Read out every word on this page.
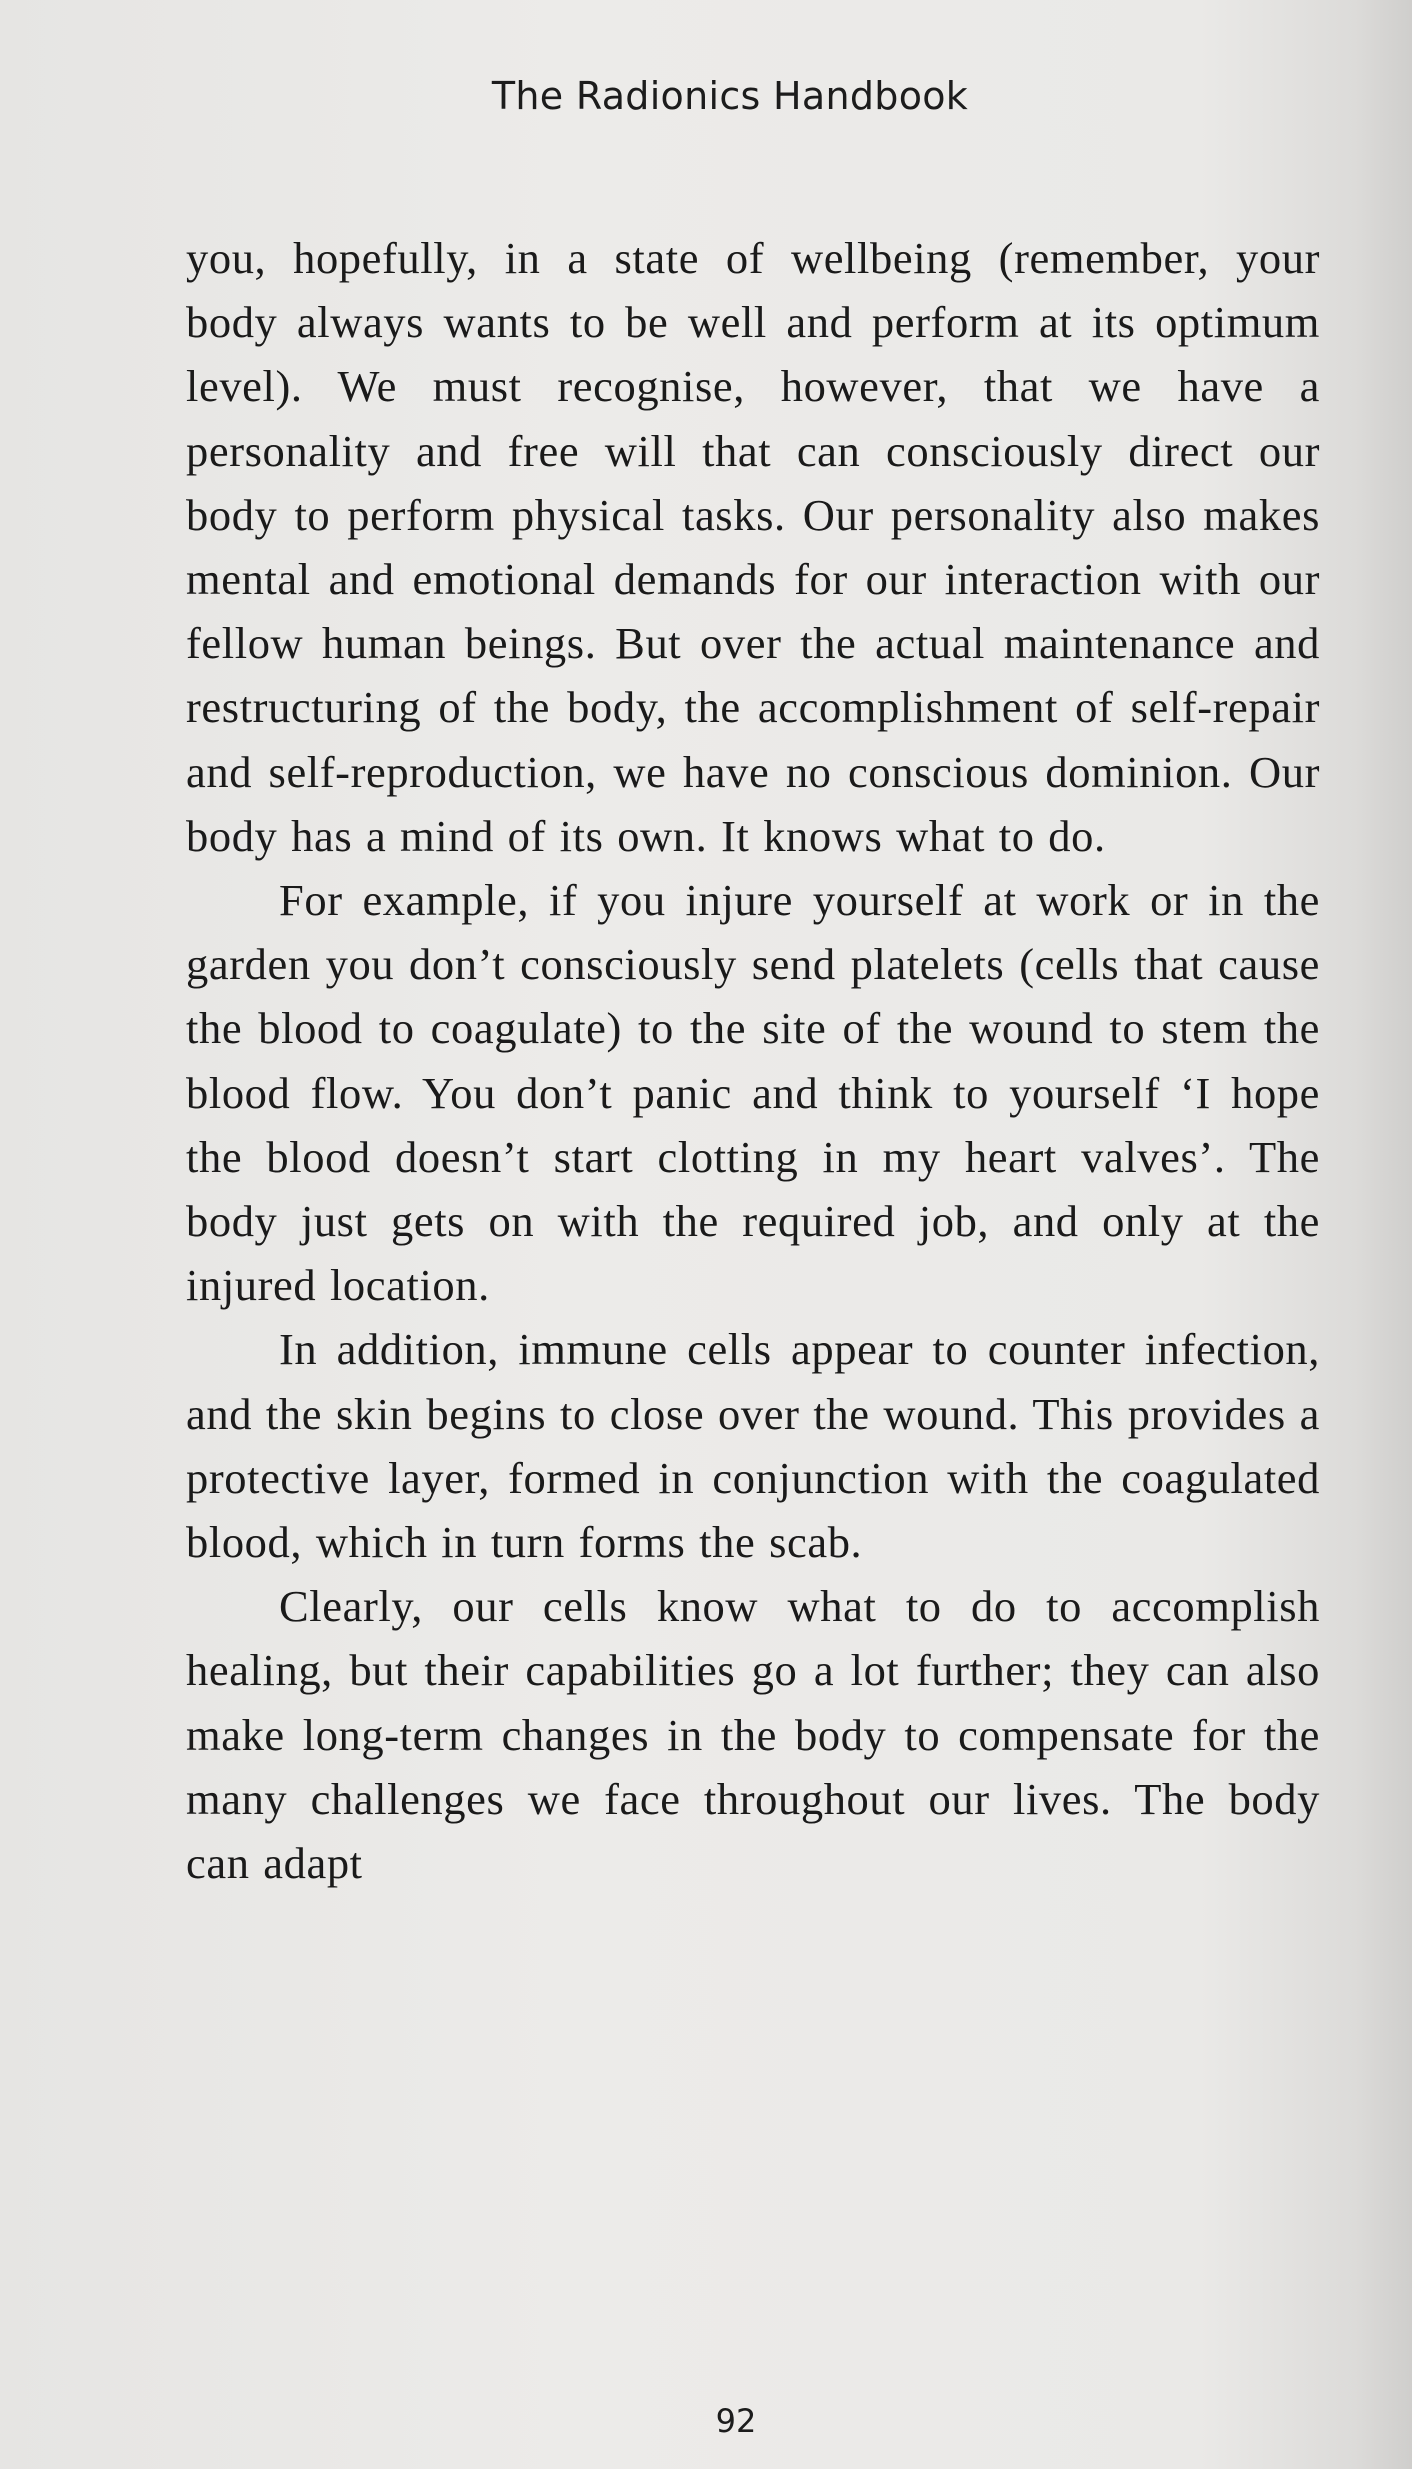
The Radionics Handbook

you, hopefully, in a state of wellbeing (remember, your body always wants to be well and perform at its optimum level). We must recognise, however, that we have a personality and free will that can consciously direct our body to perform physical tasks. Our personality also makes mental and emotional demands for our interaction with our fellow human beings. But over the actual maintenance and restructuring of the body, the accomplishment of self-repair and self-reproduction, we have no conscious dominion. Our body has a mind of its own. It knows what to do.

For example, if you injure yourself at work or in the garden you don’t consciously send platelets (cells that cause the blood to coagulate) to the site of the wound to stem the blood flow. You don’t panic and think to yourself ‘I hope the blood doesn’t start clotting in my heart valves’. The body just gets on with the required job, and only at the injured location.

In addition, immune cells appear to counter infection, and the skin begins to close over the wound. This provides a protective layer, formed in conjunction with the coagulated blood, which in turn forms the scab.

Clearly, our cells know what to do to accomplish healing, but their capabilities go a lot further; they can also make long-term changes in the body to compensate for the many challenges we face throughout our lives. The body can adapt

92
